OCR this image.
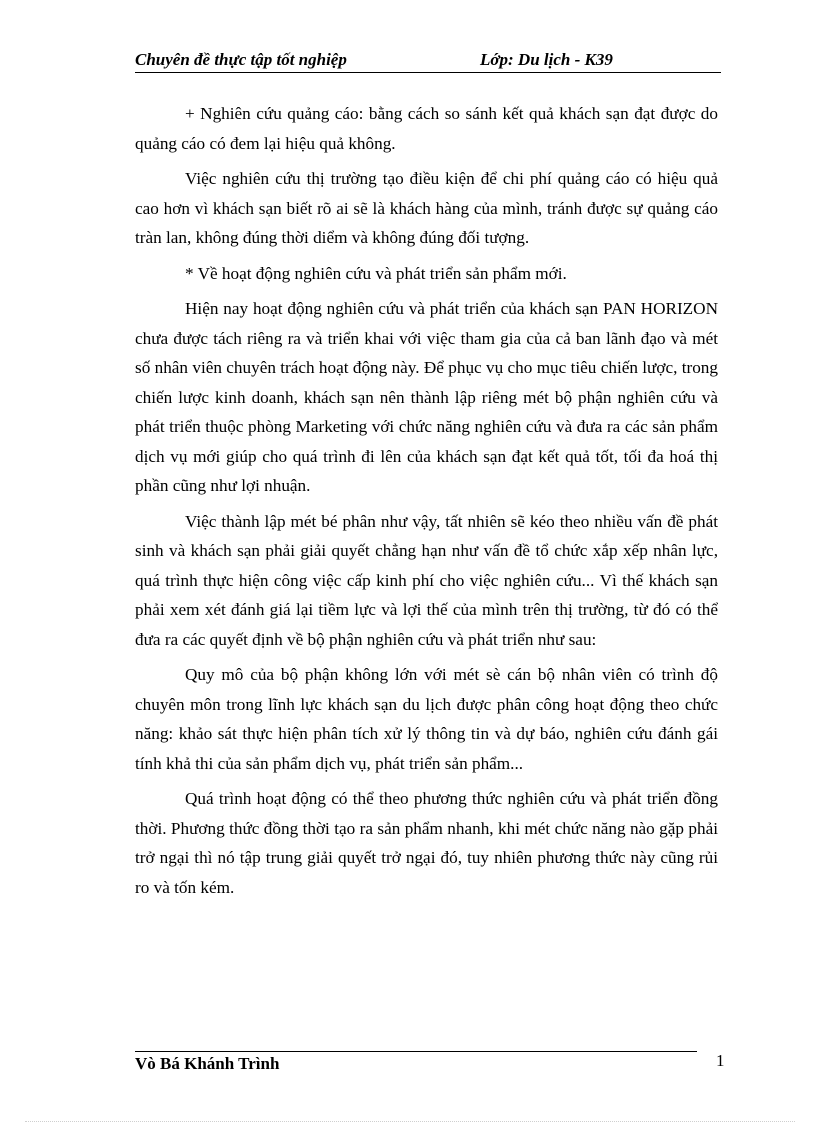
Chuyên đề thực tập tốt nghiệp	Lớp: Du lịch - K39

+ Nghiên cứu quảng cáo: bằng cách so sánh kết quả khách sạn đạt được do quảng cáo có đem lại hiệu quả không.

Việc nghiên cứu thị trường tạo điều kiện để chi phí quảng cáo có hiệu quả cao hơn vì khách sạn biết rõ ai sẽ là khách hàng của mình, tránh được sự quảng cáo tràn lan, không đúng thời diểm và không đúng đối tượng.

* Về hoạt động nghiên cứu và phát triển sản phẩm mới.

Hiện nay hoạt động nghiên cứu và phát triển của khách sạn PAN HORIZON chưa được tách riêng ra và triển khai với việc tham gia của cả ban lãnh đạo và mét số nhân viên chuyên trách hoạt động này. Để phục vụ cho mục tiêu chiến lược, trong chiến lược kinh doanh, khách sạn nên thành lập riêng mét bộ phận nghiên cứu và phát triển thuộc phòng Marketing với chức năng nghiên cứu và đưa ra các sản phẩm dịch vụ mới giúp cho quá trình đi lên của khách sạn đạt kết quả tốt, tối đa hoá thị phần cũng như lợi nhuận.

Việc thành lập mét bé phân như vậy, tất nhiên sẽ kéo theo nhiều vấn đề phát sinh và khách sạn phải giải quyết chẳng hạn như vấn đề tổ chức xắp xếp nhân lực, quá trình thực hiện công việc cấp kinh phí cho việc nghiên cứu... Vì thế khách sạn phải xem xét đánh giá lại tiềm lực và lợi thế của mình trên thị trường, từ đó có thể đưa ra các quyết định về bộ phận nghiên cứu và phát triển như sau:

Quy mô của bộ phận không lớn với mét sè cán bộ nhân viên có trình độ chuyên môn trong lĩnh lực khách sạn du lịch được phân công hoạt động theo chức năng: khảo sát thực hiện phân tích xử lý thông tin và dự báo, nghiên cứu đánh gái tính khả thi của sản phẩm dịch vụ, phát triển sản phẩm...

Quá trình hoạt động có thể theo phương thức nghiên cứu và phát triển đồng thời. Phương thức đồng thời tạo ra sản phẩm nhanh, khi mét chức năng nào gặp phải trở ngại thì nó tập trung giải quyết trở ngại đó, tuy nhiên phương thức này cũng rủi ro và tốn kém.

Vò Bá Khánh Trình	1
